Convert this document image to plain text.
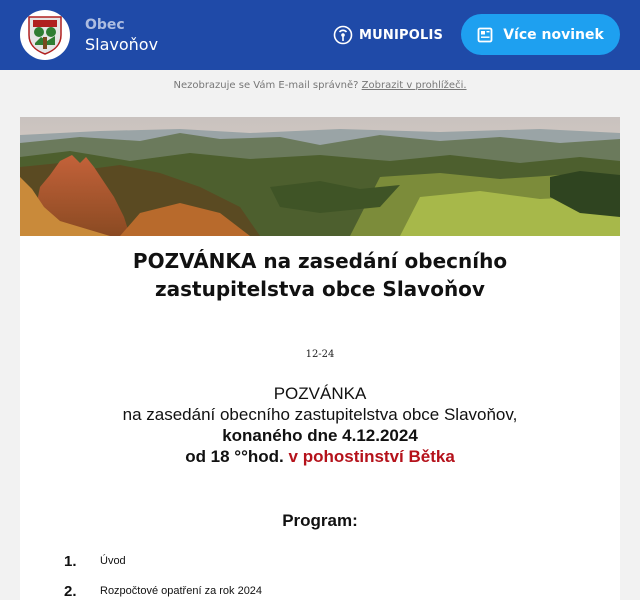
Obec
Slavoňov	MUNIPOLIS	Více novinek
Nezobrazuje se Vám E-mail správně? Zobrazit v prohlížeči.
POZVÁNKA na zasedání obecního
zastupitelstva obce Slavoňov
12-24
POZVÁNKA
na zasedání obecního zastupitelstva obce Slavoňov,
konaného dne 4.12.2024
od 18 °°hod. v pohostinství Bětka
Program:
1.	Úvod
2.	Rozpočtové opatření za rok 2024
